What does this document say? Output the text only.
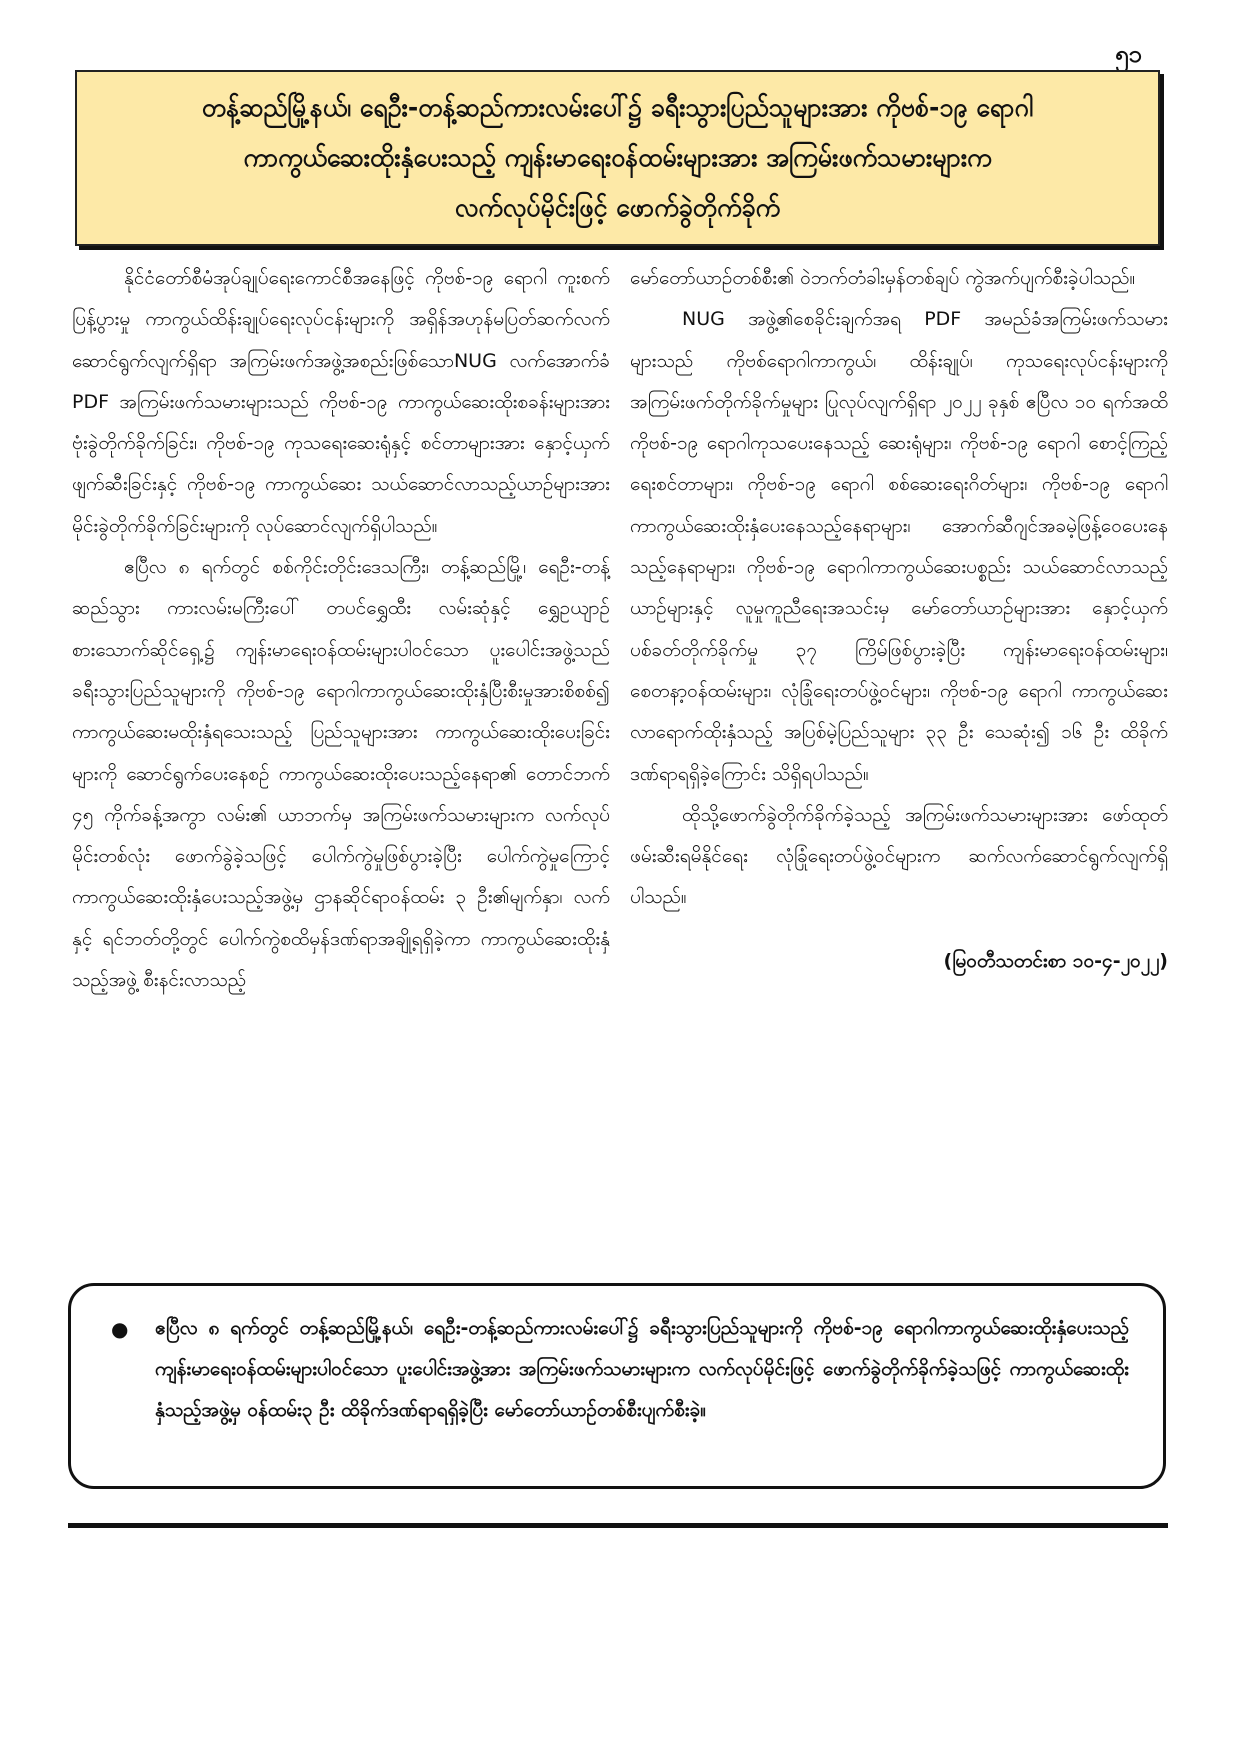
၅၁
တန့်ဆည်မြို့နယ်၊ ရေဦး-တန့်ဆည်ကားလမ်းပေါ်၌ ခရီးသွားပြည်သူများအား ကိုဗစ်-၁၉ ရောဂါ
ကာကွယ်ဆေးထိုးနှံပေးသည့် ကျန်းမာရေးဝန်ထမ်းများအား အကြမ်းဖက်သမားများက
လက်လုပ်မိုင်းဖြင့် ဖောက်ခွဲတိုက်ခိုက်

နိုင်ငံတော်စီမံအုပ်ချုပ်ရေးကောင်စီအနေဖြင့် ကိုဗစ်-၁၉ ရောဂါ ကူးစက်ပြန့်ပွားမှု ကာကွယ်ထိန်းချုပ်ရေးလုပ်ငန်းများကို အရှိန်အဟုန်မပြတ်ဆက်လက်ဆောင်ရွက်လျက်ရှိရာ အကြမ်းဖက်အဖွဲ့အစည်းဖြစ်သောNUG လက်အောက်ခံ PDF အကြမ်းဖက်သမားများသည် ကိုဗစ်-၁၉ ကာကွယ်ဆေးထိုးစခန်းများအား ဗုံးခွဲတိုက်ခိုက်ခြင်း၊ ကိုဗစ်-၁၉ ကုသရေးဆေးရုံနှင့် စင်တာများအား နှောင့်ယှက်ဖျက်ဆီးခြင်းနှင့် ကိုဗစ်-၁၉ ကာကွယ်ဆေး သယ်ဆောင်လာသည့်ယာဉ်များအား မိုင်းခွဲတိုက်ခိုက်ခြင်းများကို လုပ်ဆောင်လျက်ရှိပါသည်။

ဧပြီလ ၈ ရက်တွင် စစ်ကိုင်းတိုင်းဒေသကြီး၊ တန့်ဆည်မြို့၊ ရေဦး-တန့်ဆည်သွား ကားလမ်းမကြီးပေါ် တပင်ရွှေထီး လမ်းဆုံနှင့် ရွှေဥယျာဉ်စားသောက်ဆိုင်ရှေ့၌ ကျန်းမာရေးဝန်ထမ်းများပါဝင်သော ပူးပေါင်းအဖွဲ့သည် ခရီးသွားပြည်သူများကို ကိုဗစ်-၁၉ ရောဂါကာကွယ်ဆေးထိုးနှံပြီးစီးမှုအားစိစစ်၍ ကာကွယ်ဆေးမထိုးနှံရသေးသည့် ပြည်သူများအား ကာကွယ်ဆေးထိုးပေးခြင်းများကို ဆောင်ရွက်ပေးနေစဉ် ကာကွယ်ဆေးထိုးပေးသည့်နေရာ၏ တောင်ဘက် ၄၅ ကိုက်ခန့်အကွာ လမ်း၏ ယာဘက်မှ အကြမ်းဖက်သမားများက လက်လုပ်မိုင်းတစ်လုံး ဖောက်ခွဲခဲ့သဖြင့် ပေါက်ကွဲမှုဖြစ်ပွားခဲ့ပြီး ပေါက်ကွဲမှုကြောင့် ကာကွယ်ဆေးထိုးနှံပေးသည့်အဖွဲ့မှ ဌာနဆိုင်ရာဝန်ထမ်း ၃ ဦး၏မျက်နှာ၊ လက်နှင့် ရင်ဘတ်တို့တွင် ပေါက်ကွဲစထိမှန်ဒဏ်ရာအချို့ရရှိခဲ့ကာ ကာကွယ်ဆေးထိုးနှံသည့်အဖွဲ့ စီးနင်းလာသည့်

မော်တော်ယာဉ်တစ်စီး၏ ဝဲဘက်တံခါးမှန်တစ်ချပ် ကွဲအက်ပျက်စီးခဲ့ပါသည်။

NUG အဖွဲ့၏စေခိုင်းချက်အရ PDF အမည်ခံအကြမ်းဖက်သမားများသည် ကိုဗစ်ရောဂါကာကွယ်၊ ထိန်းချုပ်၊ ကုသရေးလုပ်ငန်းများကို အကြမ်းဖက်တိုက်ခိုက်မှုများ ပြုလုပ်လျက်ရှိရာ ၂၀၂၂ ခုနှစ် ဧပြီလ ၁၀ ရက်အထိ ကိုဗစ်-၁၉ ရောဂါကုသပေးနေသည့် ဆေးရုံများ၊ ကိုဗစ်-၁၉ ရောဂါ စောင့်ကြည့်ရေးစင်တာများ၊ ကိုဗစ်-၁၉ ရောဂါ စစ်ဆေးရေးဂိတ်များ၊ ကိုဗစ်-၁၉ ရောဂါ ကာကွယ်ဆေးထိုးနှံပေးနေသည့်နေရာများ၊ အောက်ဆီဂျင်အခမဲ့ဖြန့်ဝေပေးနေသည့်နေရာများ၊ ကိုဗစ်-၁၉ ရောဂါကာကွယ်ဆေးပစ္စည်း သယ်ဆောင်လာသည့်ယာဉ်များနှင့် လူမှုကူညီရေးအသင်းမှ မော်တော်ယာဉ်များအား နှောင့်ယှက်ပစ်ခတ်တိုက်ခိုက်မှု ၃၇ ကြိမ်ဖြစ်ပွားခဲ့ပြီး ကျန်းမာရေးဝန်ထမ်းများ၊ စေတနာ့ဝန်ထမ်းများ၊ လုံခြုံရေးတပ်ဖွဲ့ဝင်များ၊ ကိုဗစ်-၁၉ ရောဂါ ကာကွယ်ဆေးလာရောက်ထိုးနှံသည့် အပြစ်မဲ့ပြည်သူများ ၃၃ ဦး သေဆုံး၍ ၁၆ ဦး ထိခိုက်ဒဏ်ရာရရှိခဲ့ကြောင်း သိရှိရပါသည်။

ထိုသို့ဖောက်ခွဲတိုက်ခိုက်ခဲ့သည့် အကြမ်းဖက်သမားများအား ဖော်ထုတ်ဖမ်းဆီးရမိနိုင်ရေး လုံခြုံရေးတပ်ဖွဲ့ဝင်များက ဆက်လက်ဆောင်ရွက်လျက်ရှိပါသည်။

(မြဝတီသတင်းစာ ၁၀-၄-၂၀၂၂)
●	ဧပြီလ ၈ ရက်တွင် တန့်ဆည်မြို့နယ်၊ ရေဦး-တန့်ဆည်ကားလမ်းပေါ်၌ ခရီးသွားပြည်သူများကို ကိုဗစ်-၁၉ ရောဂါကာကွယ်ဆေးထိုးနှံပေးသည့် ကျန်းမာရေးဝန်ထမ်းများပါဝင်သော ပူးပေါင်းအဖွဲ့အား အကြမ်းဖက်သမားများက လက်လုပ်မိုင်းဖြင့် ဖောက်ခွဲတိုက်ခိုက်ခဲ့သဖြင့် ကာကွယ်ဆေးထိုးနှံသည့်အဖွဲ့မှ ဝန်ထမ်း၃ ဦး ထိခိုက်ဒဏ်ရာရရှိခဲ့ပြီး မော်တော်ယာဉ်တစ်စီးပျက်စီးခဲ့။
